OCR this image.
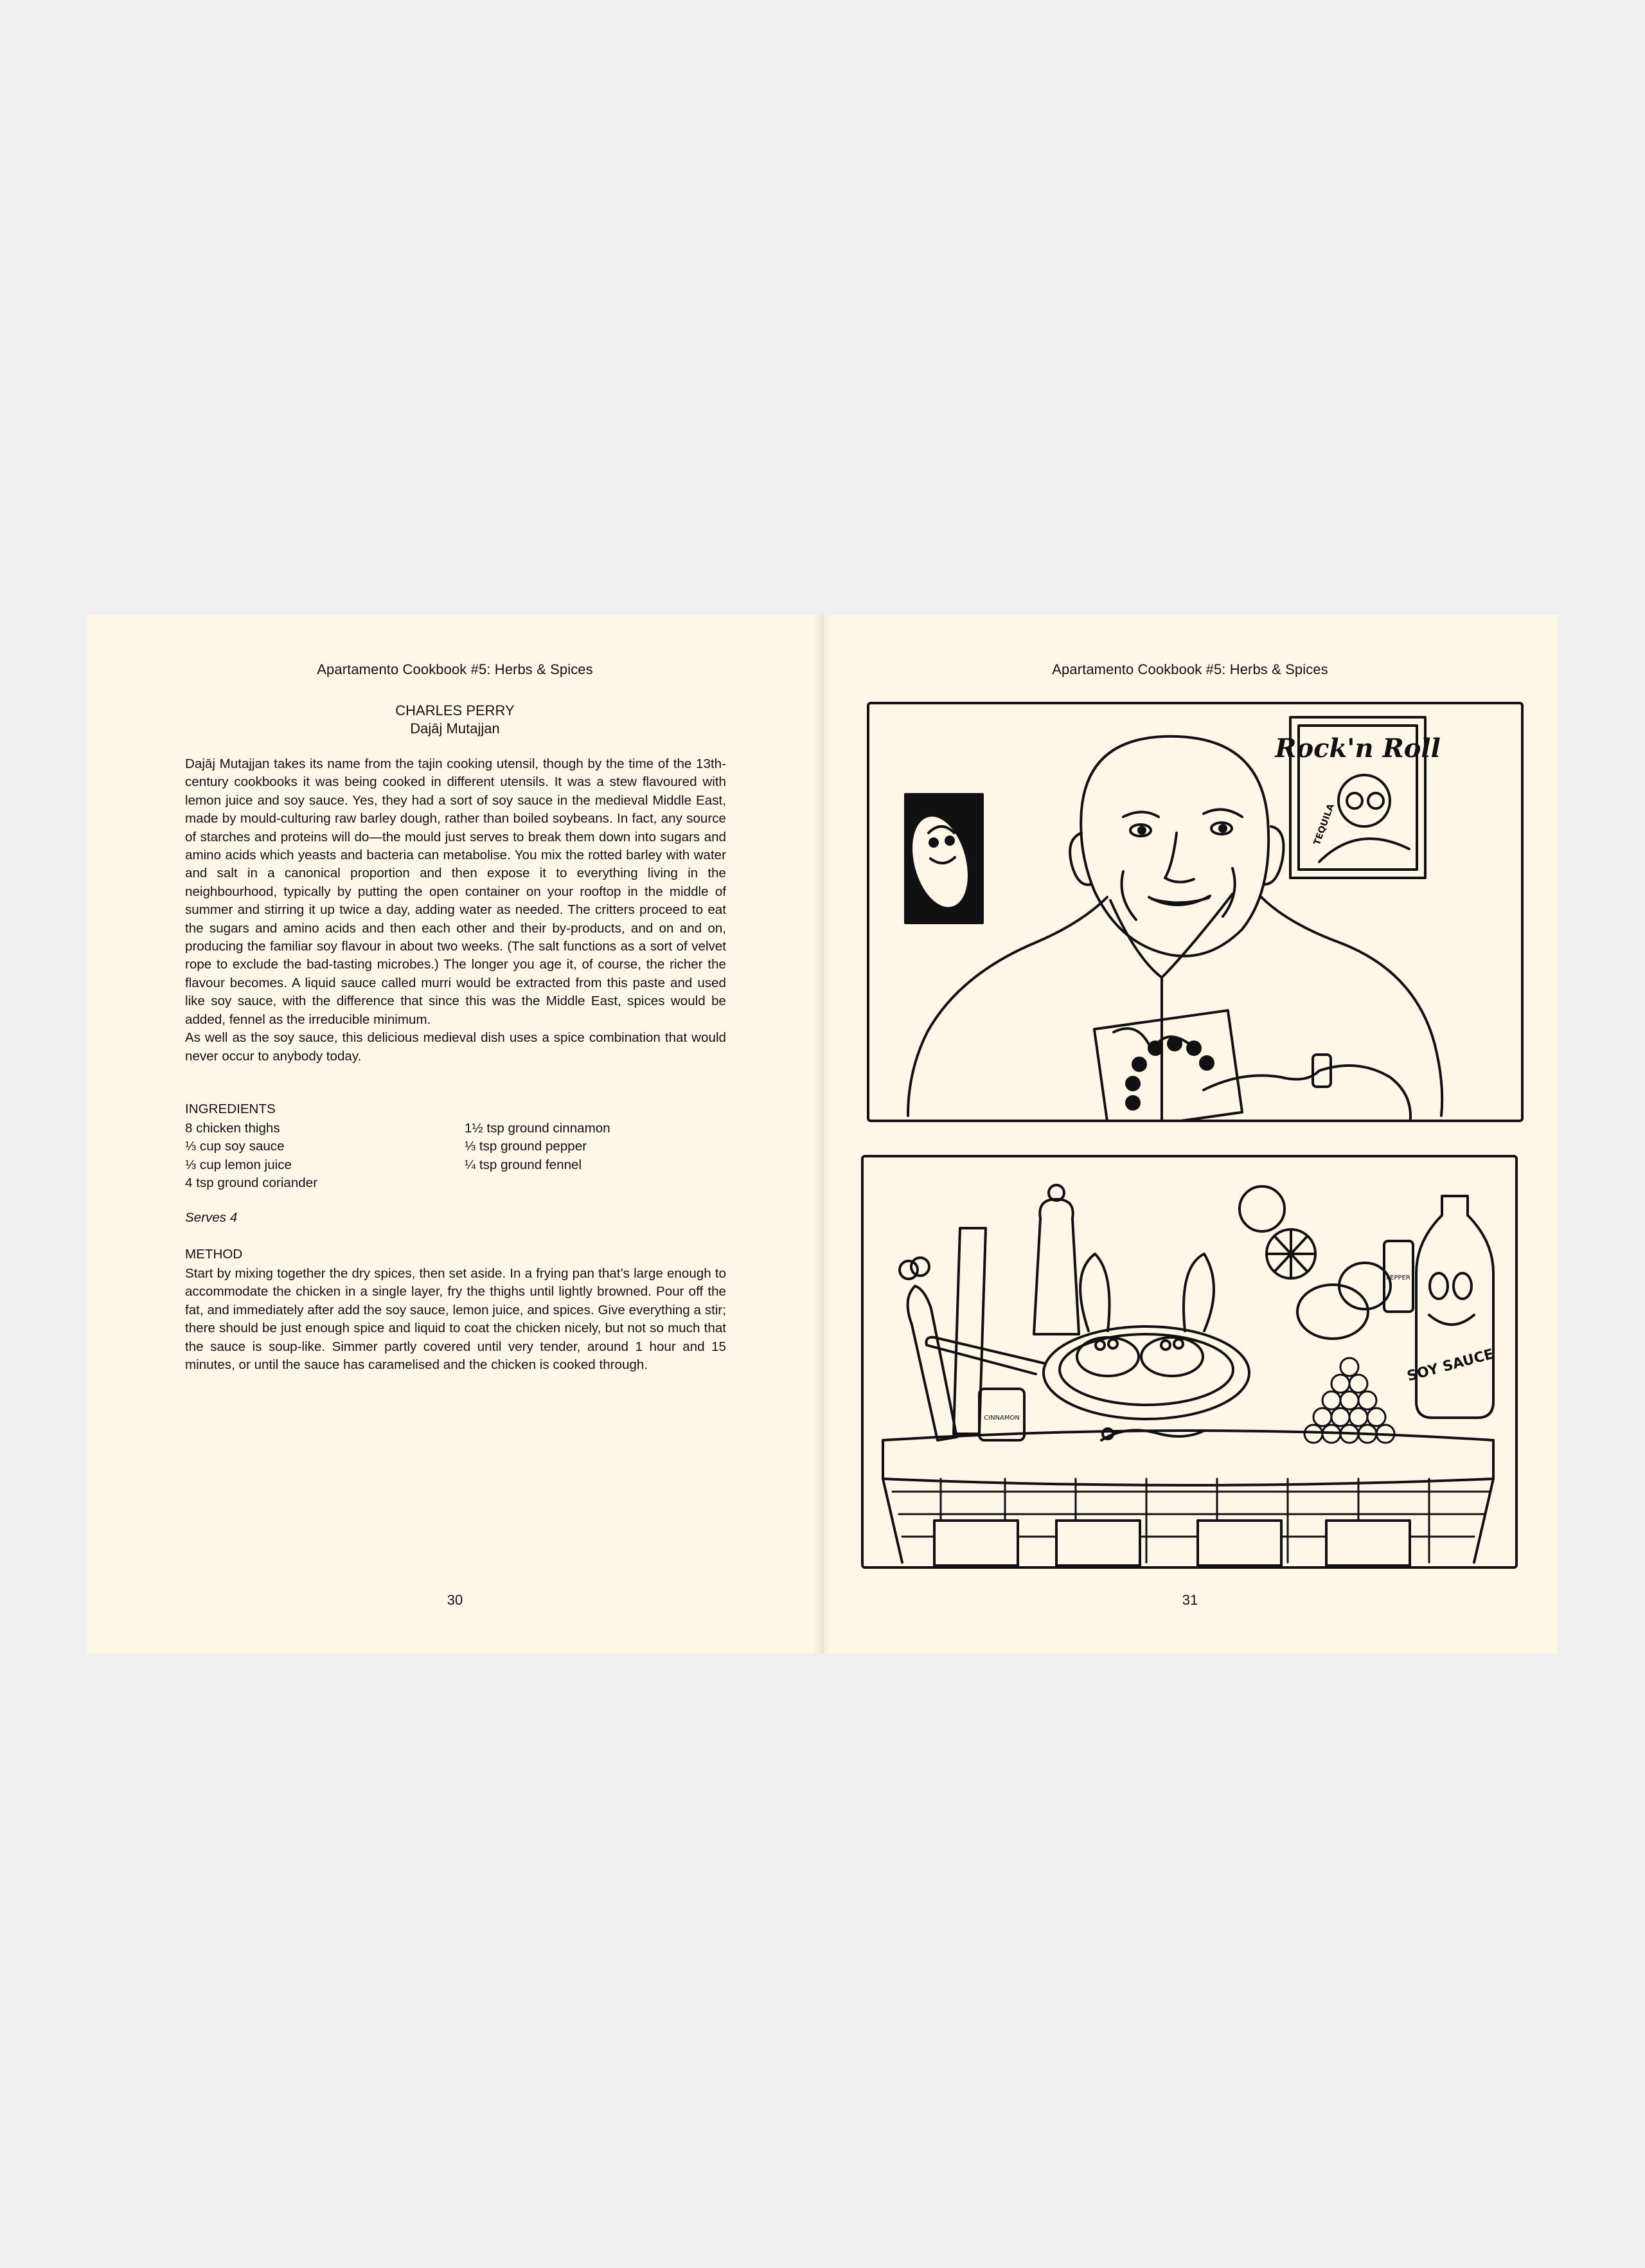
Apartamento Cookbook #5: Herbs & Spices
CHARLES PERRY
Dajāj Mutajjan

Dajāj Mutajjan takes its name from the tajin cooking utensil, though by the time of the 13th-century cookbooks it was being cooked in different utensils. It was a stew flavoured with lemon juice and soy sauce. Yes, they had a sort of soy sauce in the medieval Middle East, made by mould-culturing raw barley dough, rather than boiled soybeans. In fact, any source of starches and proteins will do—the mould just serves to break them down into sugars and amino acids which yeasts and bacteria can metabolise. You mix the rotted barley with water and salt in a canonical proportion and then expose it to everything living in the neighbourhood, typically by putting the open container on your rooftop in the middle of summer and stirring it up twice a day, adding water as needed. The critters proceed to eat the sugars and amino acids and then each other and their by-products, and on and on, producing the familiar soy flavour in about two weeks. (The salt functions as a sort of velvet rope to exclude the bad-tasting microbes.) The longer you age it, of course, the richer the flavour becomes. A liquid sauce called murri would be extracted from this paste and used like soy sauce, with the difference that since this was the Middle East, spices would be added, fennel as the irreducible minimum.

As well as the soy sauce, this delicious medieval dish uses a spice combination that would never occur to anybody today.

INGREDIENTS
8 chicken thighs
⅓ cup soy sauce
⅓ cup lemon juice
4 tsp ground coriander
1½ tsp ground cinnamon
⅓ tsp ground pepper
¼ tsp ground fennel
Serves 4
METHOD
Start by mixing together the dry spices, then set aside. In a frying pan that’s large enough to accommodate the chicken in a single layer, fry the thighs until lightly browned. Pour off the fat, and immediately after add the soy sauce, lemon juice, and spices. Give everything a stir; there should be just enough spice and liquid to coat the chicken nicely, but not so much that the sauce is soup-like. Simmer partly covered until very tender, around 1 hour and 15 minutes, or until the sauce has caramelised and the chicken is cooked through.
30
Apartamento Cookbook #5: Herbs & Spices
Rock'n Roll
TEQUILA
SOY SAUCE
CINNAMON
PEPPER
31
